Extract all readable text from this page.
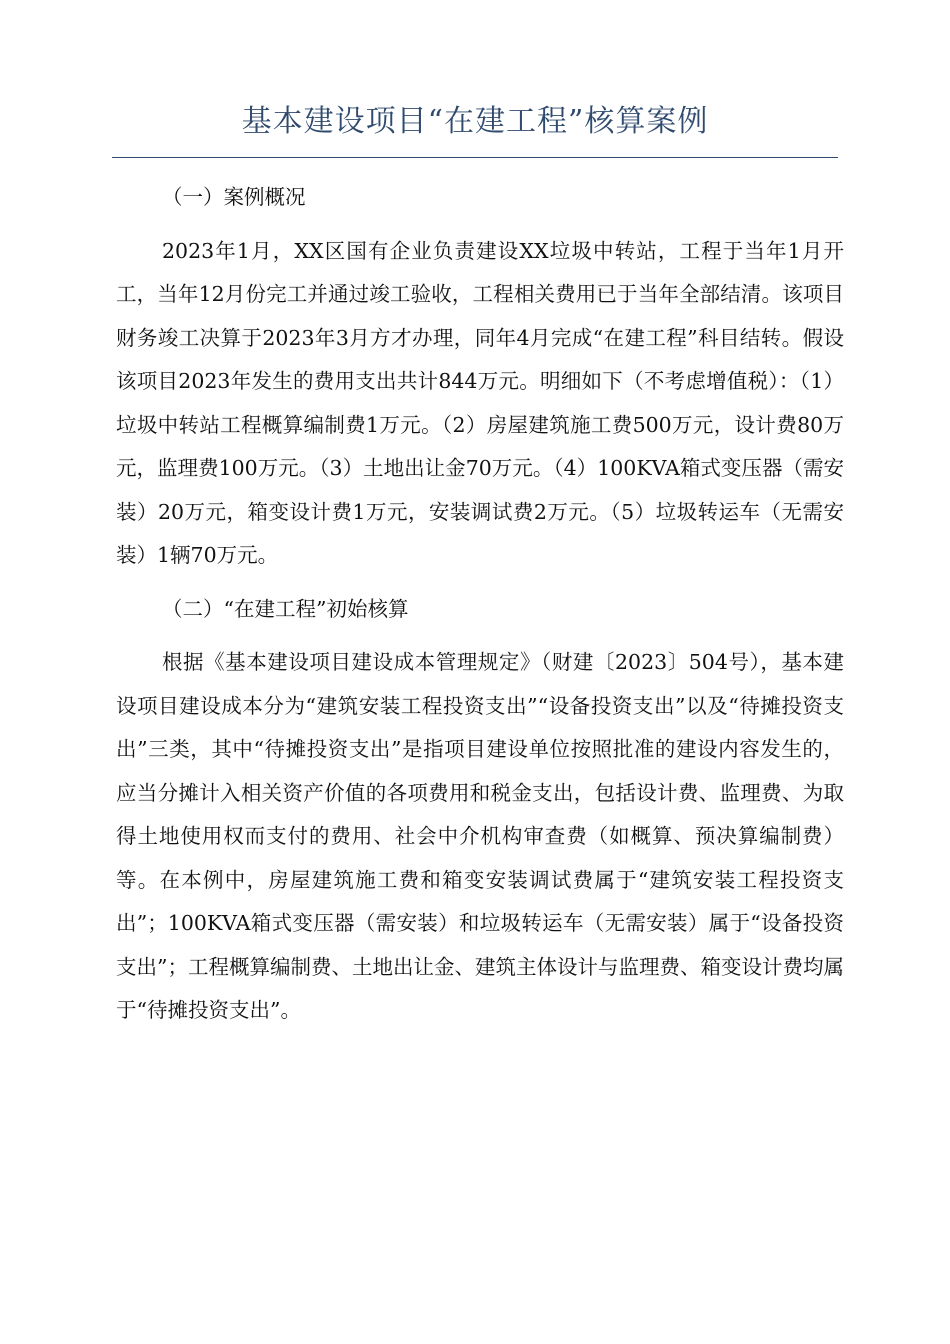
基本建设项目“在建工程”核算案例
（一）案例概况

2023年1月，XX区国有企业负责建设XX垃圾中转站，工程于当年1月开工，当年12月份完工并通过竣工验收，工程相关费用已于当年全部结清。该项目财务竣工决算于2023年3月方才办理，同年4月完成“在建工程”科目结转。假设该项目2023年发生的费用支出共计844万元。明细如下（不考虑增值税）：（1）垃圾中转站工程概算编制费1万元。（2）房屋建筑施工费500万元，设计费80万元，监理费100万元。（3）土地出让金70万元。（4）100KVA箱式变压器（需安装）20万元，箱变设计费1万元，安装调试费2万元。（5）垃圾转运车（无需安装）1辆70万元。

（二）“在建工程”初始核算

根据《基本建设项目建设成本管理规定》（财建〔2023〕504号），基本建设项目建设成本分为“建筑安装工程投资支出”“设备投资支出”以及“待摊投资支出”三类，其中“待摊投资支出”是指项目建设单位按照批准的建设内容发生的，应当分摊计入相关资产价值的各项费用和税金支出，包括设计费、监理费、为取得土地使用权而支付的费用、社会中介机构审查费（如概算、预决算编制费）等。在本例中，房屋建筑施工费和箱变安装调试费属于“建筑安装工程投资支出”；100KVA箱式变压器（需安装）和垃圾转运车（无需安装）属于“设备投资支出”；工程概算编制费、土地出让金、建筑主体设计与监理费、箱变设计费均属于“待摊投资支出”。
